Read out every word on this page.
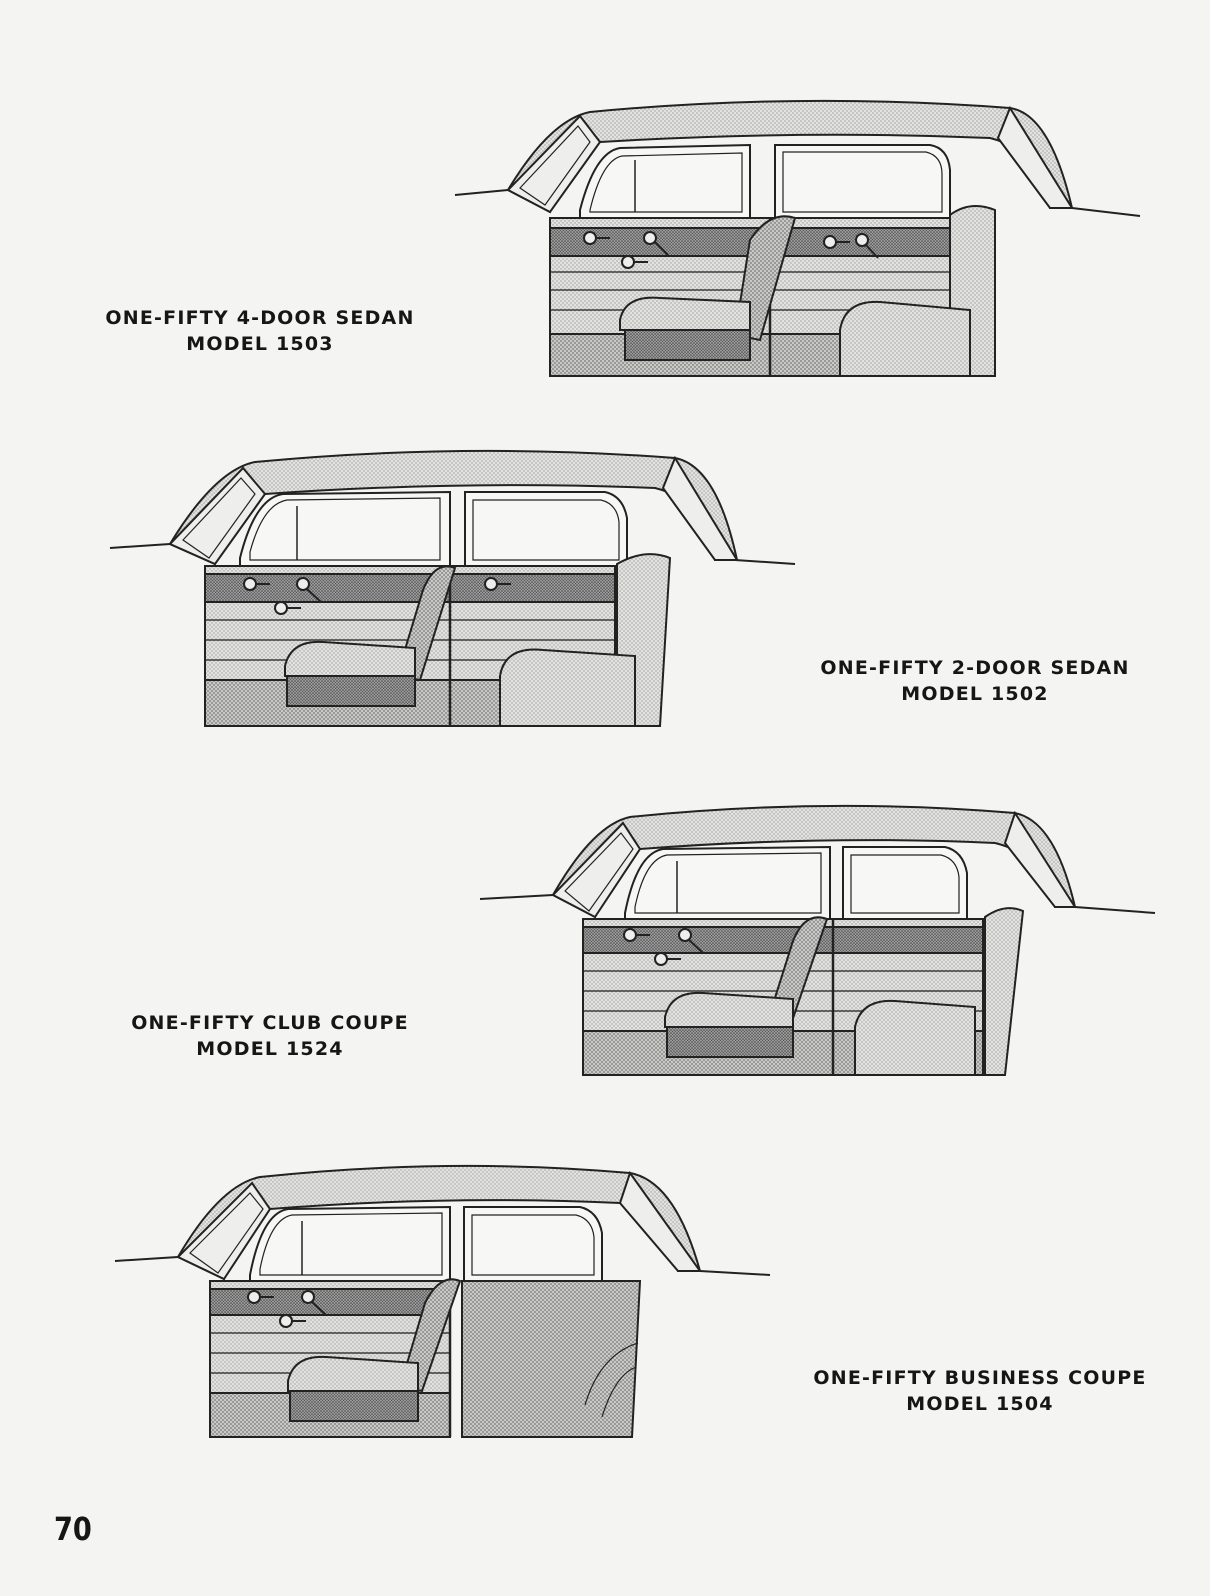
ONE-FIFTY 4-DOOR SEDAN
MODEL 1503
ONE-FIFTY 2-DOOR SEDAN
MODEL 1502
ONE-FIFTY CLUB COUPE
MODEL 1524
ONE-FIFTY BUSINESS COUPE
MODEL 1504
70
